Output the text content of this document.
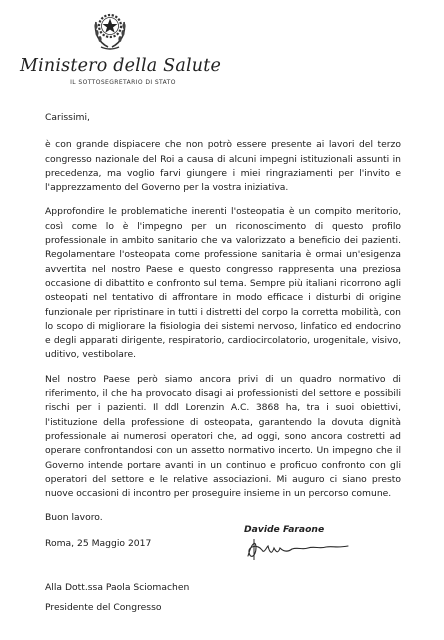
Ministero della Salute
IL SOTTOSEGRETARIO DI STATO

Carissimi,

è con grande dispiacere che non potrò essere presente ai lavori del terzo congresso nazionale del Roi a causa di alcuni impegni istituzionali assunti in precedenza, ma voglio farvi giungere i miei ringraziamenti per l'invito e l'apprezzamento del Governo per la vostra iniziativa.

Approfondire le problematiche inerenti l'osteopatia è un compito meritorio, così come lo è l'impegno per un riconoscimento di questo profilo professionale in ambito sanitario che va valorizzato a beneficio dei pazienti. Regolamentare l'osteopata come professione sanitaria è ormai un'esigenza avvertita nel nostro Paese e questo congresso rappresenta una preziosa occasione di dibattito e confronto sul tema. Sempre più italiani ricorrono agli osteopati nel tentativo di affrontare in modo efficace i disturbi di origine funzionale per ripristinare in tutti i distretti del corpo la corretta mobilità, con lo scopo di migliorare la fisiologia dei sistemi nervoso, linfatico ed endocrino e degli apparati dirigente, respiratorio, cardiocircolatorio, urogenitale, visivo, uditivo, vestibolare.

Nel nostro Paese però siamo ancora privi di un quadro normativo di riferimento, il che ha provocato disagi ai professionisti del settore e possibili rischi per i pazienti. Il ddl Lorenzin A.C. 3868 ha, tra i suoi obiettivi, l'istituzione della professione di osteopata, garantendo la dovuta dignità professionale ai numerosi operatori che, ad oggi, sono ancora costretti ad operare confrontandosi con un assetto normativo incerto. Un impegno che il Governo intende portare avanti in un continuo e proficuo confronto con gli operatori del settore e le relative associazioni. Mi auguro ci siano presto nuove occasioni di incontro per proseguire insieme in un percorso comune.

Buon lavoro.

Roma, 25 Maggio 2017

Davide Faraone
Alla Dott.ssa Paola Sciomachen
Presidente del Congresso
